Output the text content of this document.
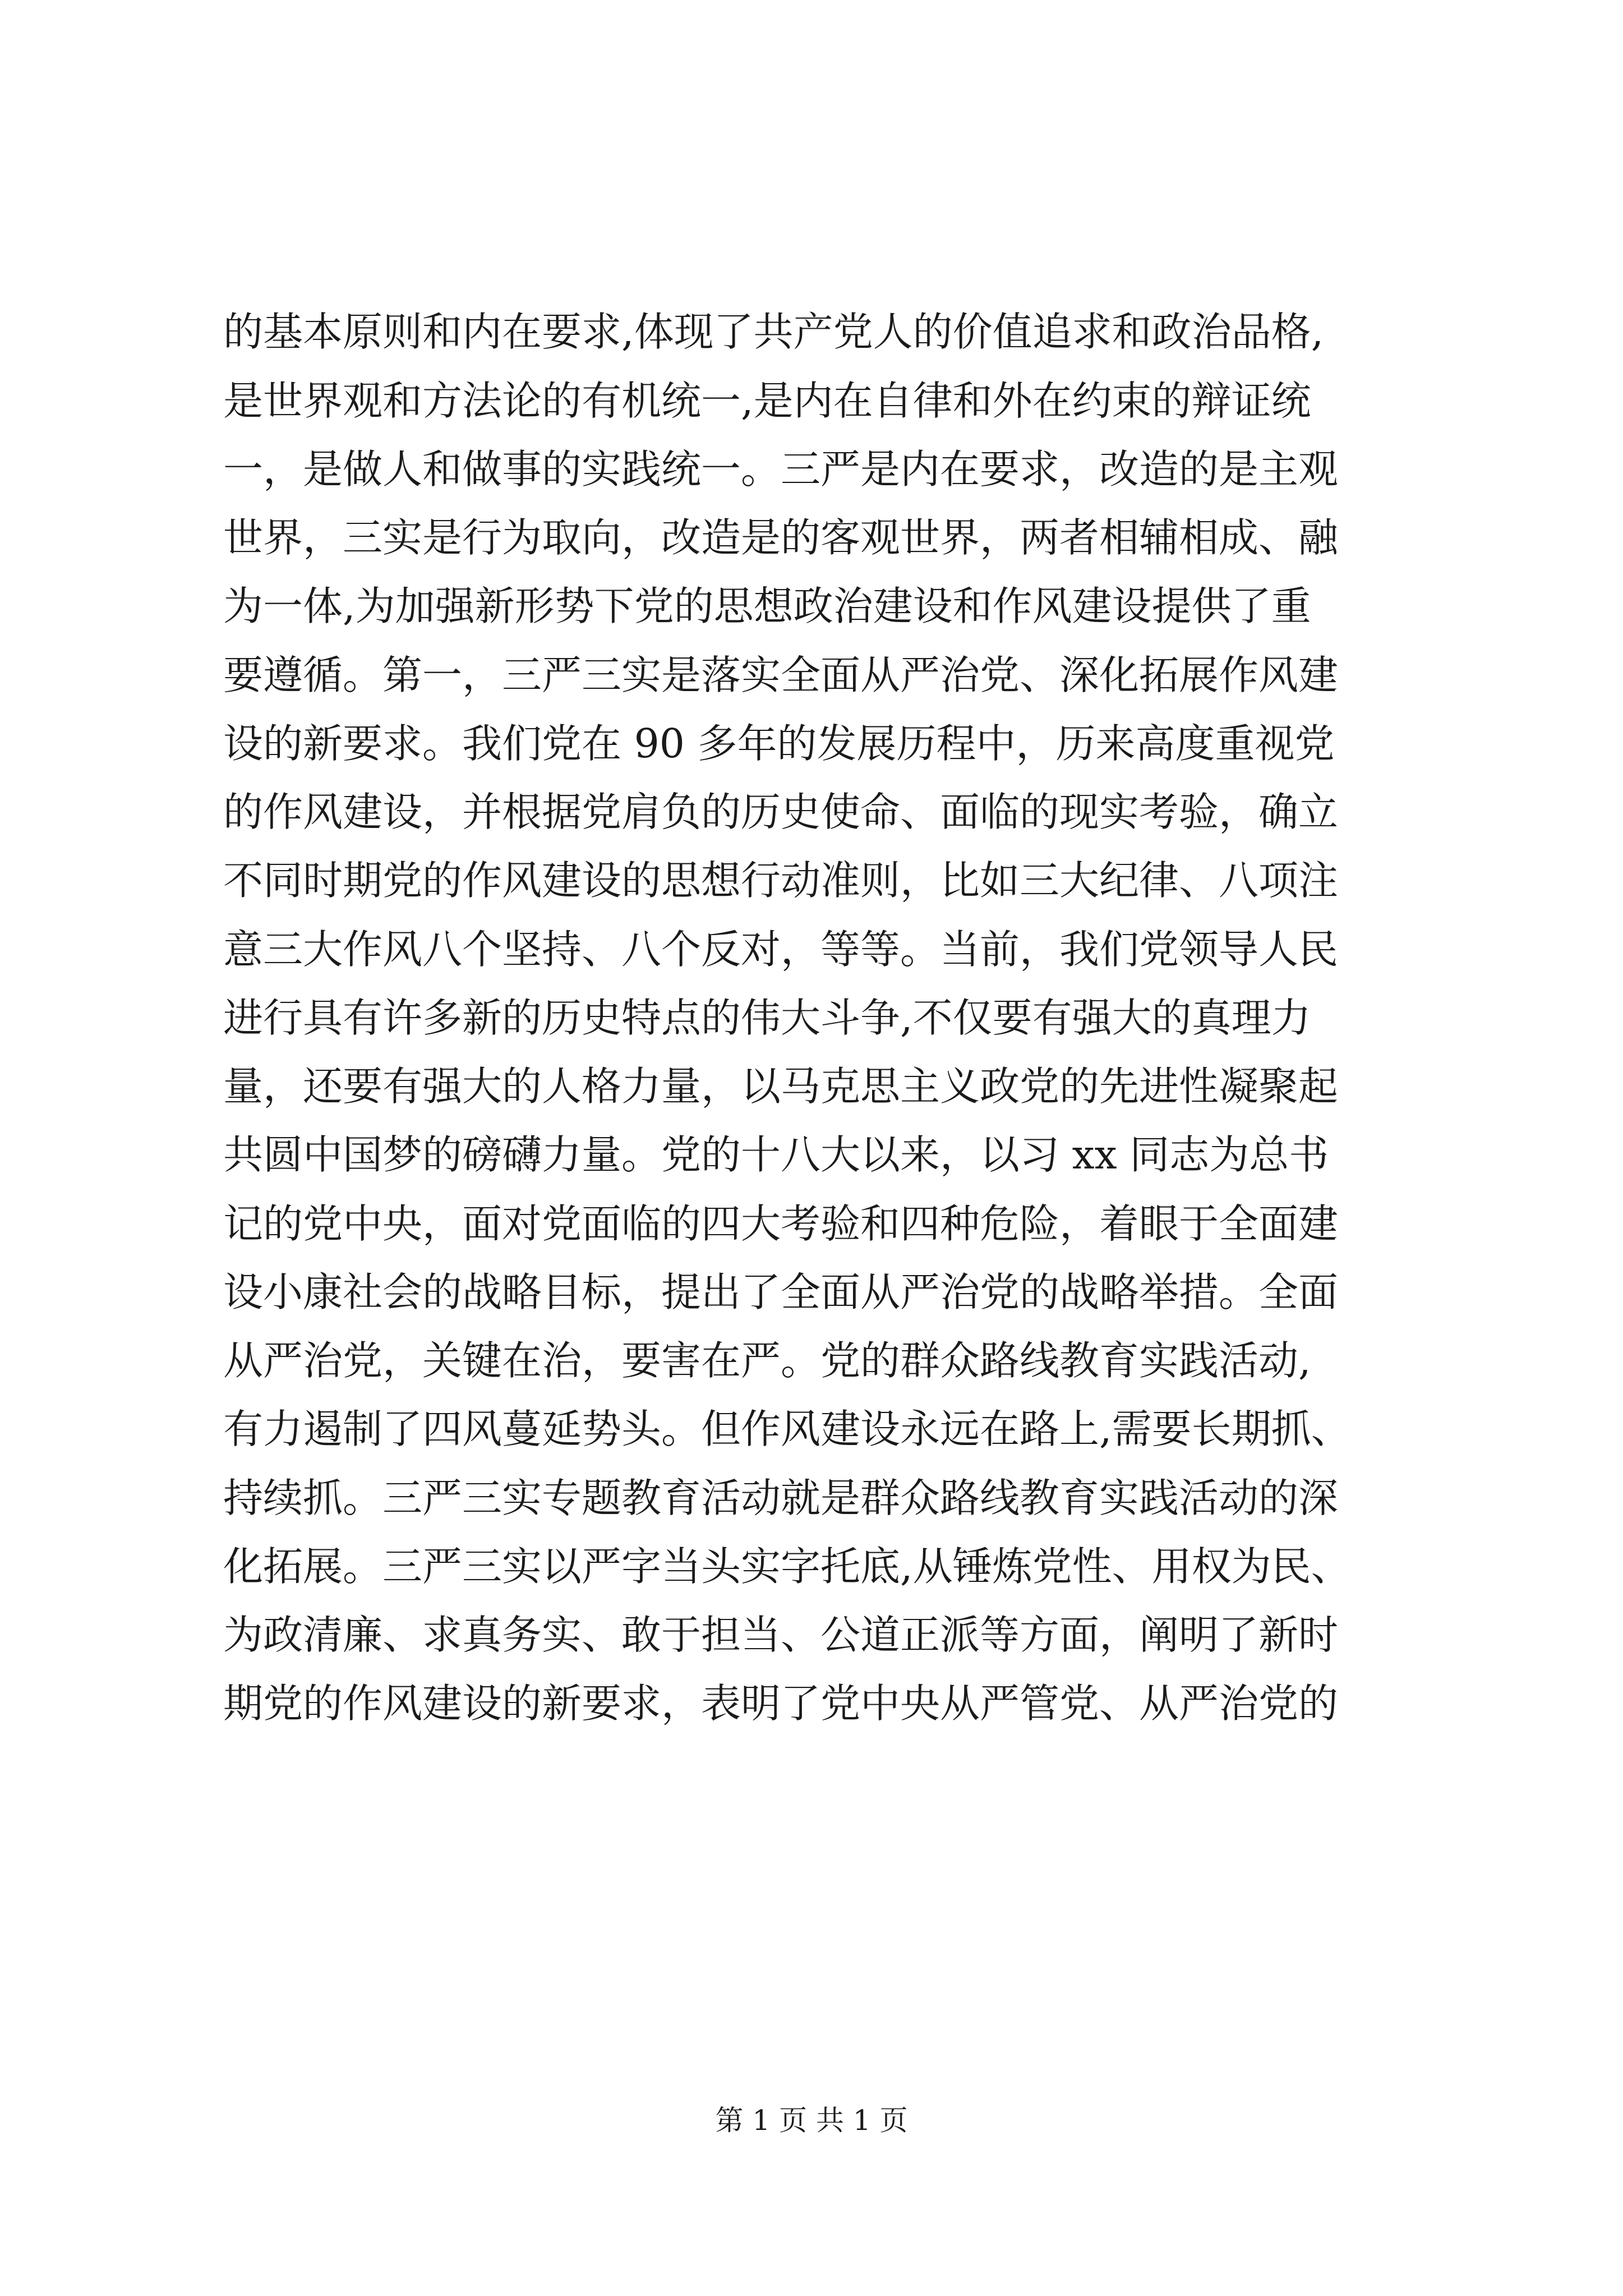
的基本原则和内在要求,体现了共产党人的价值追求和政治品格,
是世界观和方法论的有机统一,是内在自律和外在约束的辩证统
一，是做人和做事的实践统一。三严是内在要求，改造的是主观
世界，三实是行为取向，改造是的客观世界，两者相辅相成、融
为一体,为加强新形势下党的思想政治建设和作风建设提供了重
要遵循。第一，三严三实是落实全面从严治党、深化拓展作风建
设的新要求。我们党在 90 多年的发展历程中，历来高度重视党
的作风建设，并根据党肩负的历史使命、面临的现实考验，确立
不同时期党的作风建设的思想行动准则，比如三大纪律、八项注
意三大作风八个坚持、八个反对，等等。当前，我们党领导人民
进行具有许多新的历史特点的伟大斗争,不仅要有强大的真理力
量，还要有强大的人格力量，以马克思主义政党的先进性凝聚起
共圆中国梦的磅礴力量。党的十八大以来，以习 xx 同志为总书
记的党中央，面对党面临的四大考验和四种危险，着眼于全面建
设小康社会的战略目标，提出了全面从严治党的战略举措。全面
从严治党，关键在治，要害在严。党的群众路线教育实践活动,
有力遏制了四风蔓延势头。但作风建设永远在路上,需要长期抓、
持续抓。三严三实专题教育活动就是群众路线教育实践活动的深
化拓展。三严三实以严字当头实字托底,从锤炼党性、用权为民、
为政清廉、求真务实、敢于担当、公道正派等方面，阐明了新时
期党的作风建设的新要求，表明了党中央从严管党、从严治党的
第 1 页 共 1 页
